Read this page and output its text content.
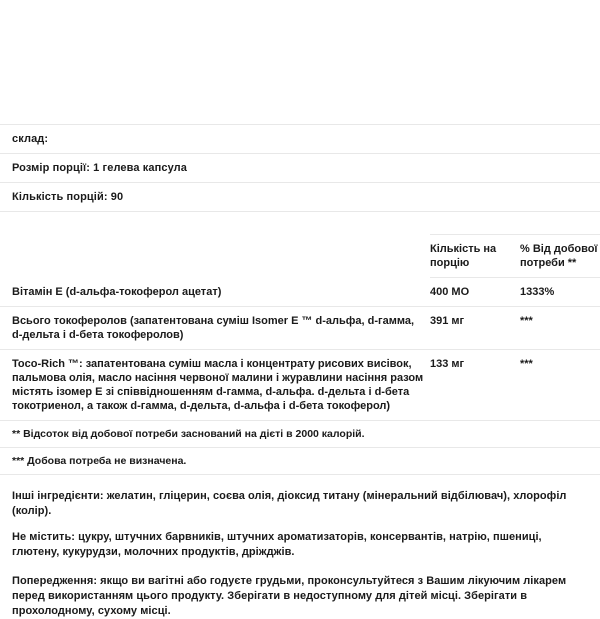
склад:
Розмір порції: 1 гелева капсула
Кількість порцій: 90
	Кількість на порцію	% Від добової потреби **
Вітамін Е (d-альфа-токоферол ацетат)	400 МО	1333%
Всього токоферолов (запатентована суміш Isomer E ™ d-альфа, d-гамма, d-дельта i d-бета токоферолов)	391 мг	***
Toco-Rich ™: запатентована суміш масла і концентрату рисових висівок, пальмова олія, масло насіння червоної малини і журавлини насіння разом містять ізомер Е зі співвідношенням d-гамма, d-альфа. d-дельта i d-бета токотриенол, а також d-гамма, d-дельта, d-альфа i d-бета токоферол)	133 мг	***
** Відсоток від добової потреби заснований на дієті в 2000 калорій.		
*** Добова потреба не визначена.		

Інші інгредієнти: желатин, гліцерин, соєва олія, діоксид титану (мінеральний відбілювач), хлорофіл (колір).

Не містить: цукру, штучних барвників, штучних ароматизаторів, консервантів, натрію, пшениці, глютену, кукурудзи, молочних продуктів, дріжджів.

Попередження: якщо ви вагітні або годуєте грудьми, проконсультуйтеся з Вашим лікуючим лікарем перед використанням цього продукту. Зберігати в недоступному для дітей місці. Зберігати в прохолодному, сухому місці.
